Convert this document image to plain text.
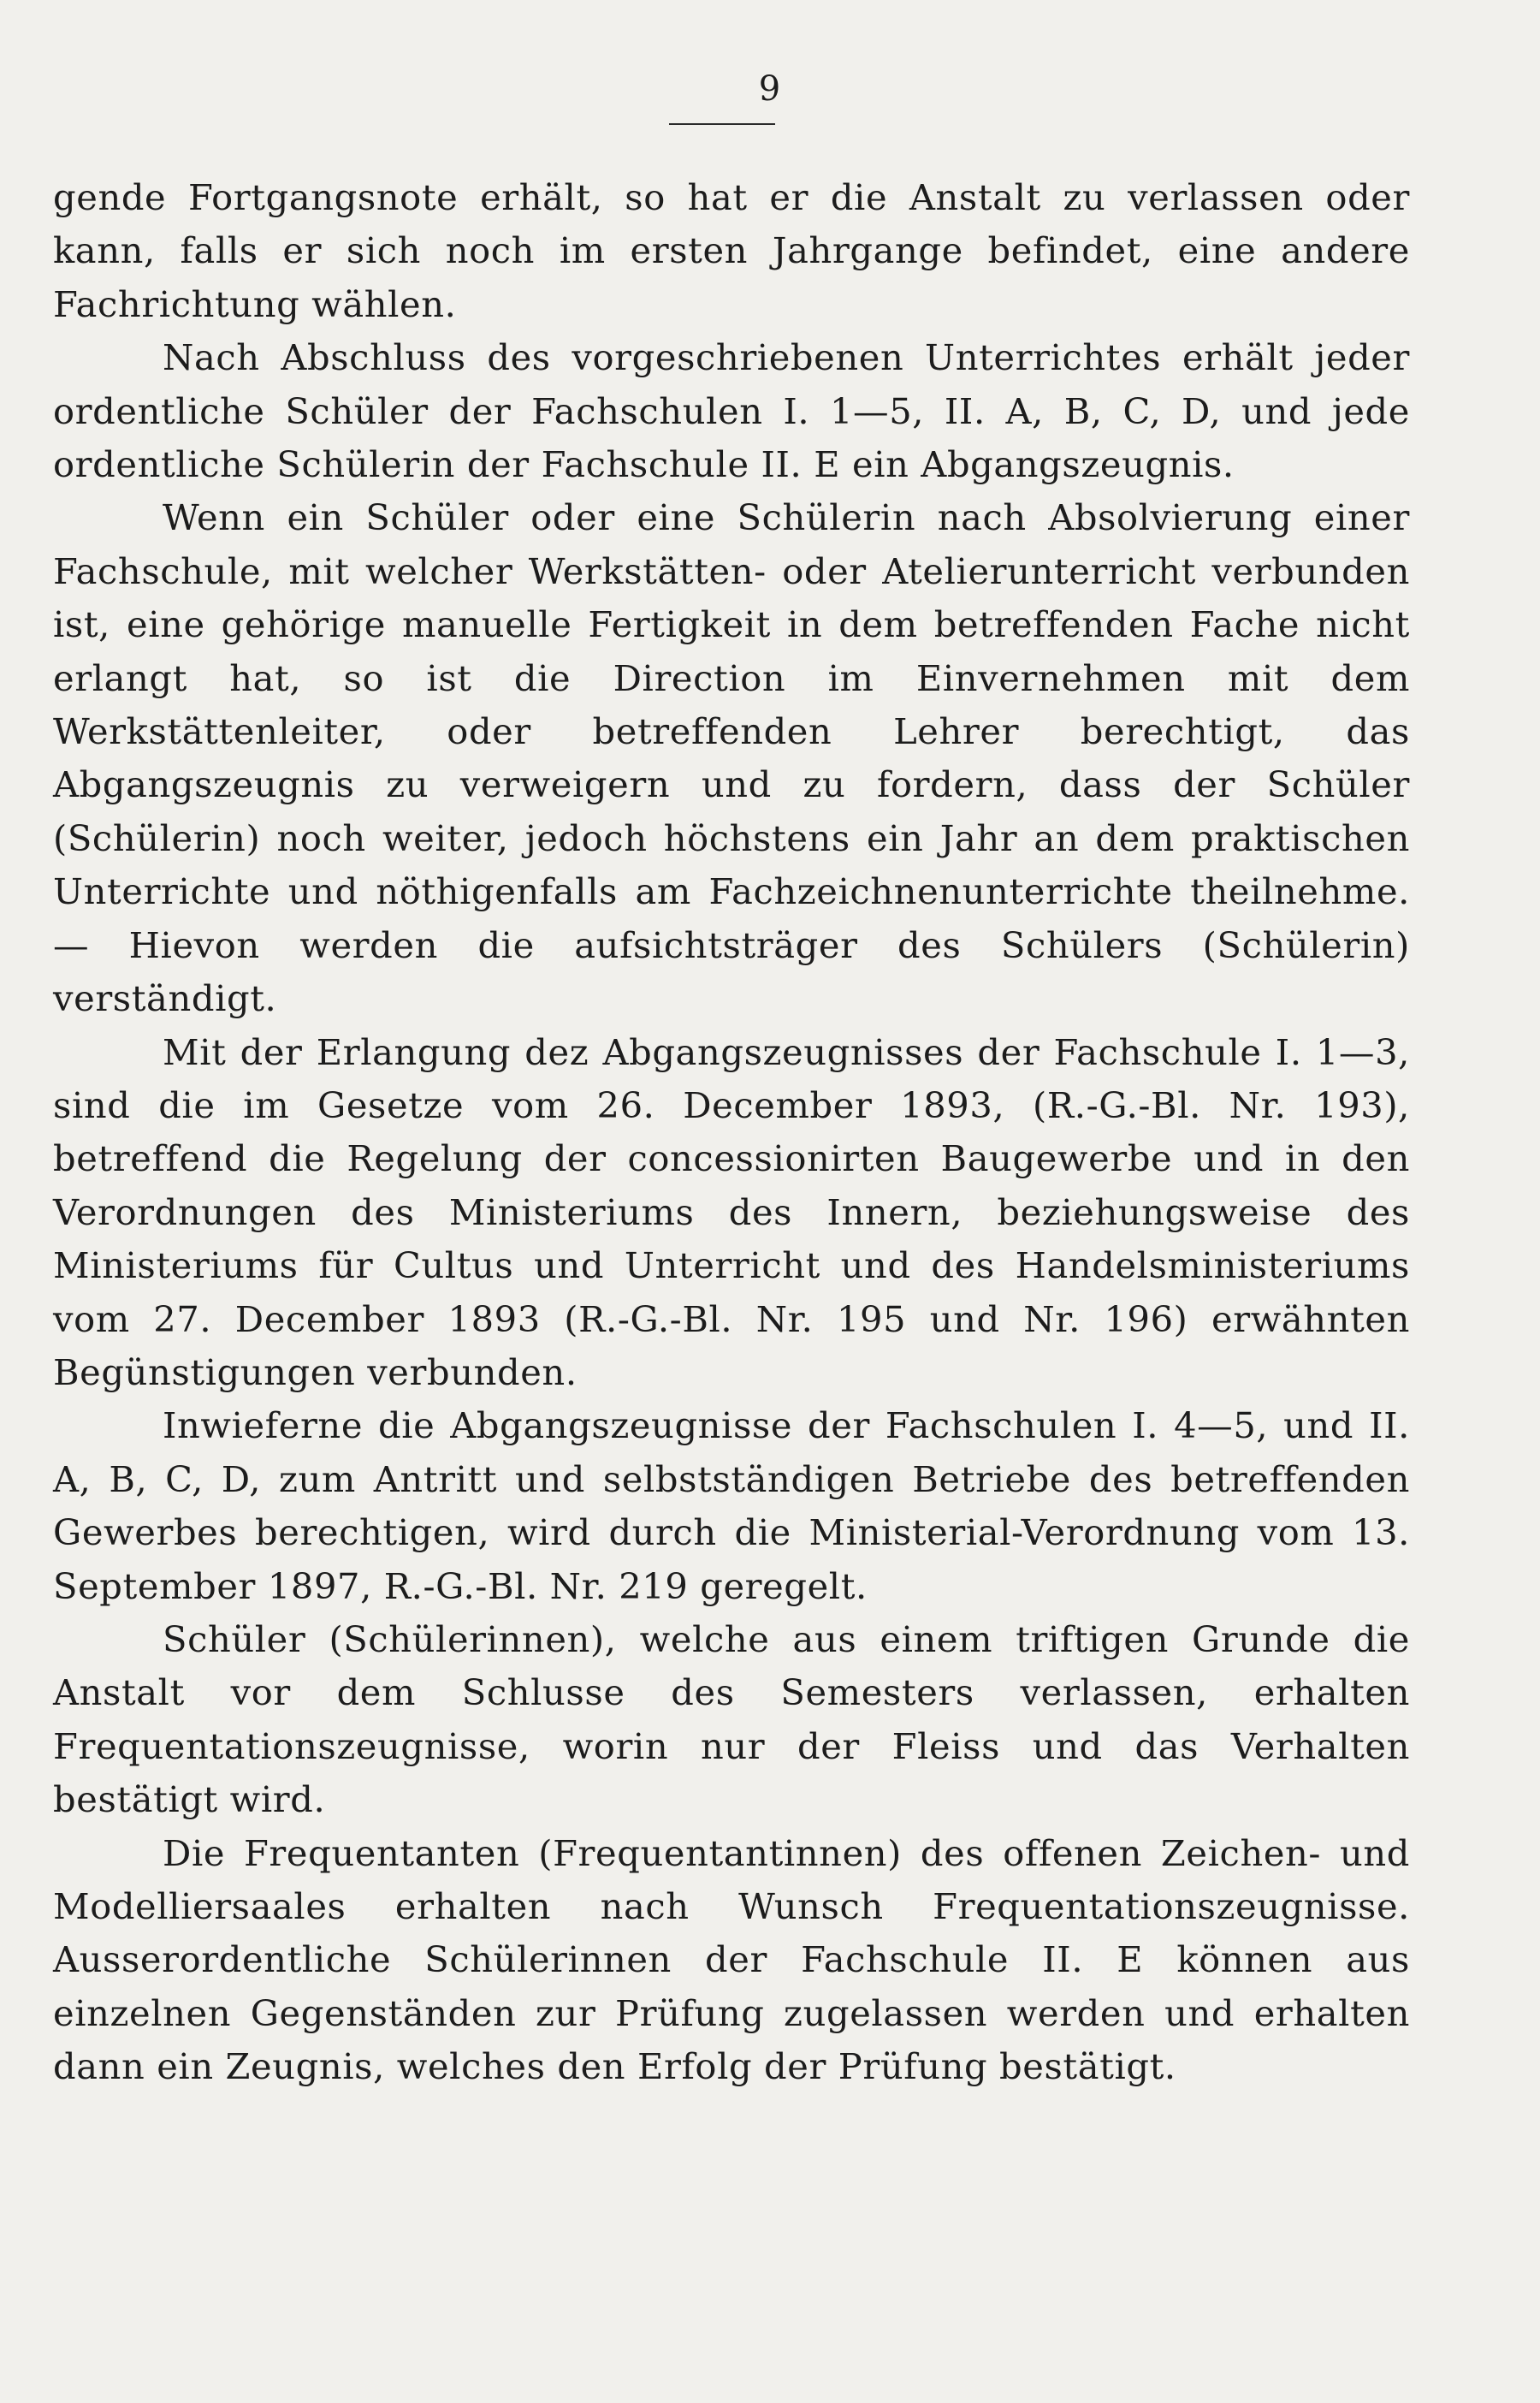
9

gende Fortgangsnote erhält, so hat er die Anstalt zu verlassen oder kann, falls er sich noch im ersten Jahrgange befindet, eine andere Fachrichtung wählen.

Nach Abschluss des vorgeschriebenen Unterrichtes erhält jeder ordentliche Schüler der Fachschulen I. 1—5, II. A, B, C, D, und jede ordentliche Schülerin der Fachschule II. E ein Abgangszeugnis.

Wenn ein Schüler oder eine Schülerin nach Absolvierung einer Fachschule, mit welcher Werkstätten- oder Atelierunterricht verbunden ist, eine gehörige manuelle Fertigkeit in dem betreffenden Fache nicht erlangt hat, so ist die Direction im Einvernehmen mit dem Werkstättenleiter, oder betreffenden Lehrer berechtigt, das Abgangszeugnis zu verweigern und zu fordern, dass der Schüler (Schülerin) noch weiter, jedoch höchstens ein Jahr an dem praktischen Unterrichte und nöthigenfalls am Fachzeichnenunterrichte theilnehme. — Hievon werden die aufsichtsträger des Schülers (Schülerin) verständigt.

Mit der Erlangung dez Abgangszeugnisses der Fachschule I. 1—3, sind die im Gesetze vom 26. December 1893, (R.-G.-Bl. Nr. 193), betreffend die Regelung der concessionirten Baugewerbe und in den Verordnungen des Ministeriums des Innern, beziehungsweise des Ministeriums für Cultus und Unterricht und des Handelsministeriums vom 27. December 1893 (R.-G.-Bl. Nr. 195 und Nr. 196) erwähnten Begünstigungen verbunden.

Inwieferne die Abgangszeugnisse der Fachschulen I. 4—5, und II. A, B, C, D, zum Antritt und selbstständigen Betriebe des betreffenden Gewerbes berechtigen, wird durch die Ministerial-Verordnung vom 13. September 1897, R.-G.-Bl. Nr. 219 geregelt.

Schüler (Schülerinnen), welche aus einem triftigen Grunde die Anstalt vor dem Schlusse des Semesters verlassen, erhalten Frequentationszeugnisse, worin nur der Fleiss und das Verhalten bestätigt wird.

Die Frequentanten (Frequentantinnen) des offenen Zeichen- und Modelliersaales erhalten nach Wunsch Frequentationszeugnisse. Ausserordentliche Schülerinnen der Fachschule II. E können aus einzelnen Gegenständen zur Prüfung zugelassen werden und erhalten dann ein Zeugnis, welches den Erfolg der Prüfung bestätigt.
